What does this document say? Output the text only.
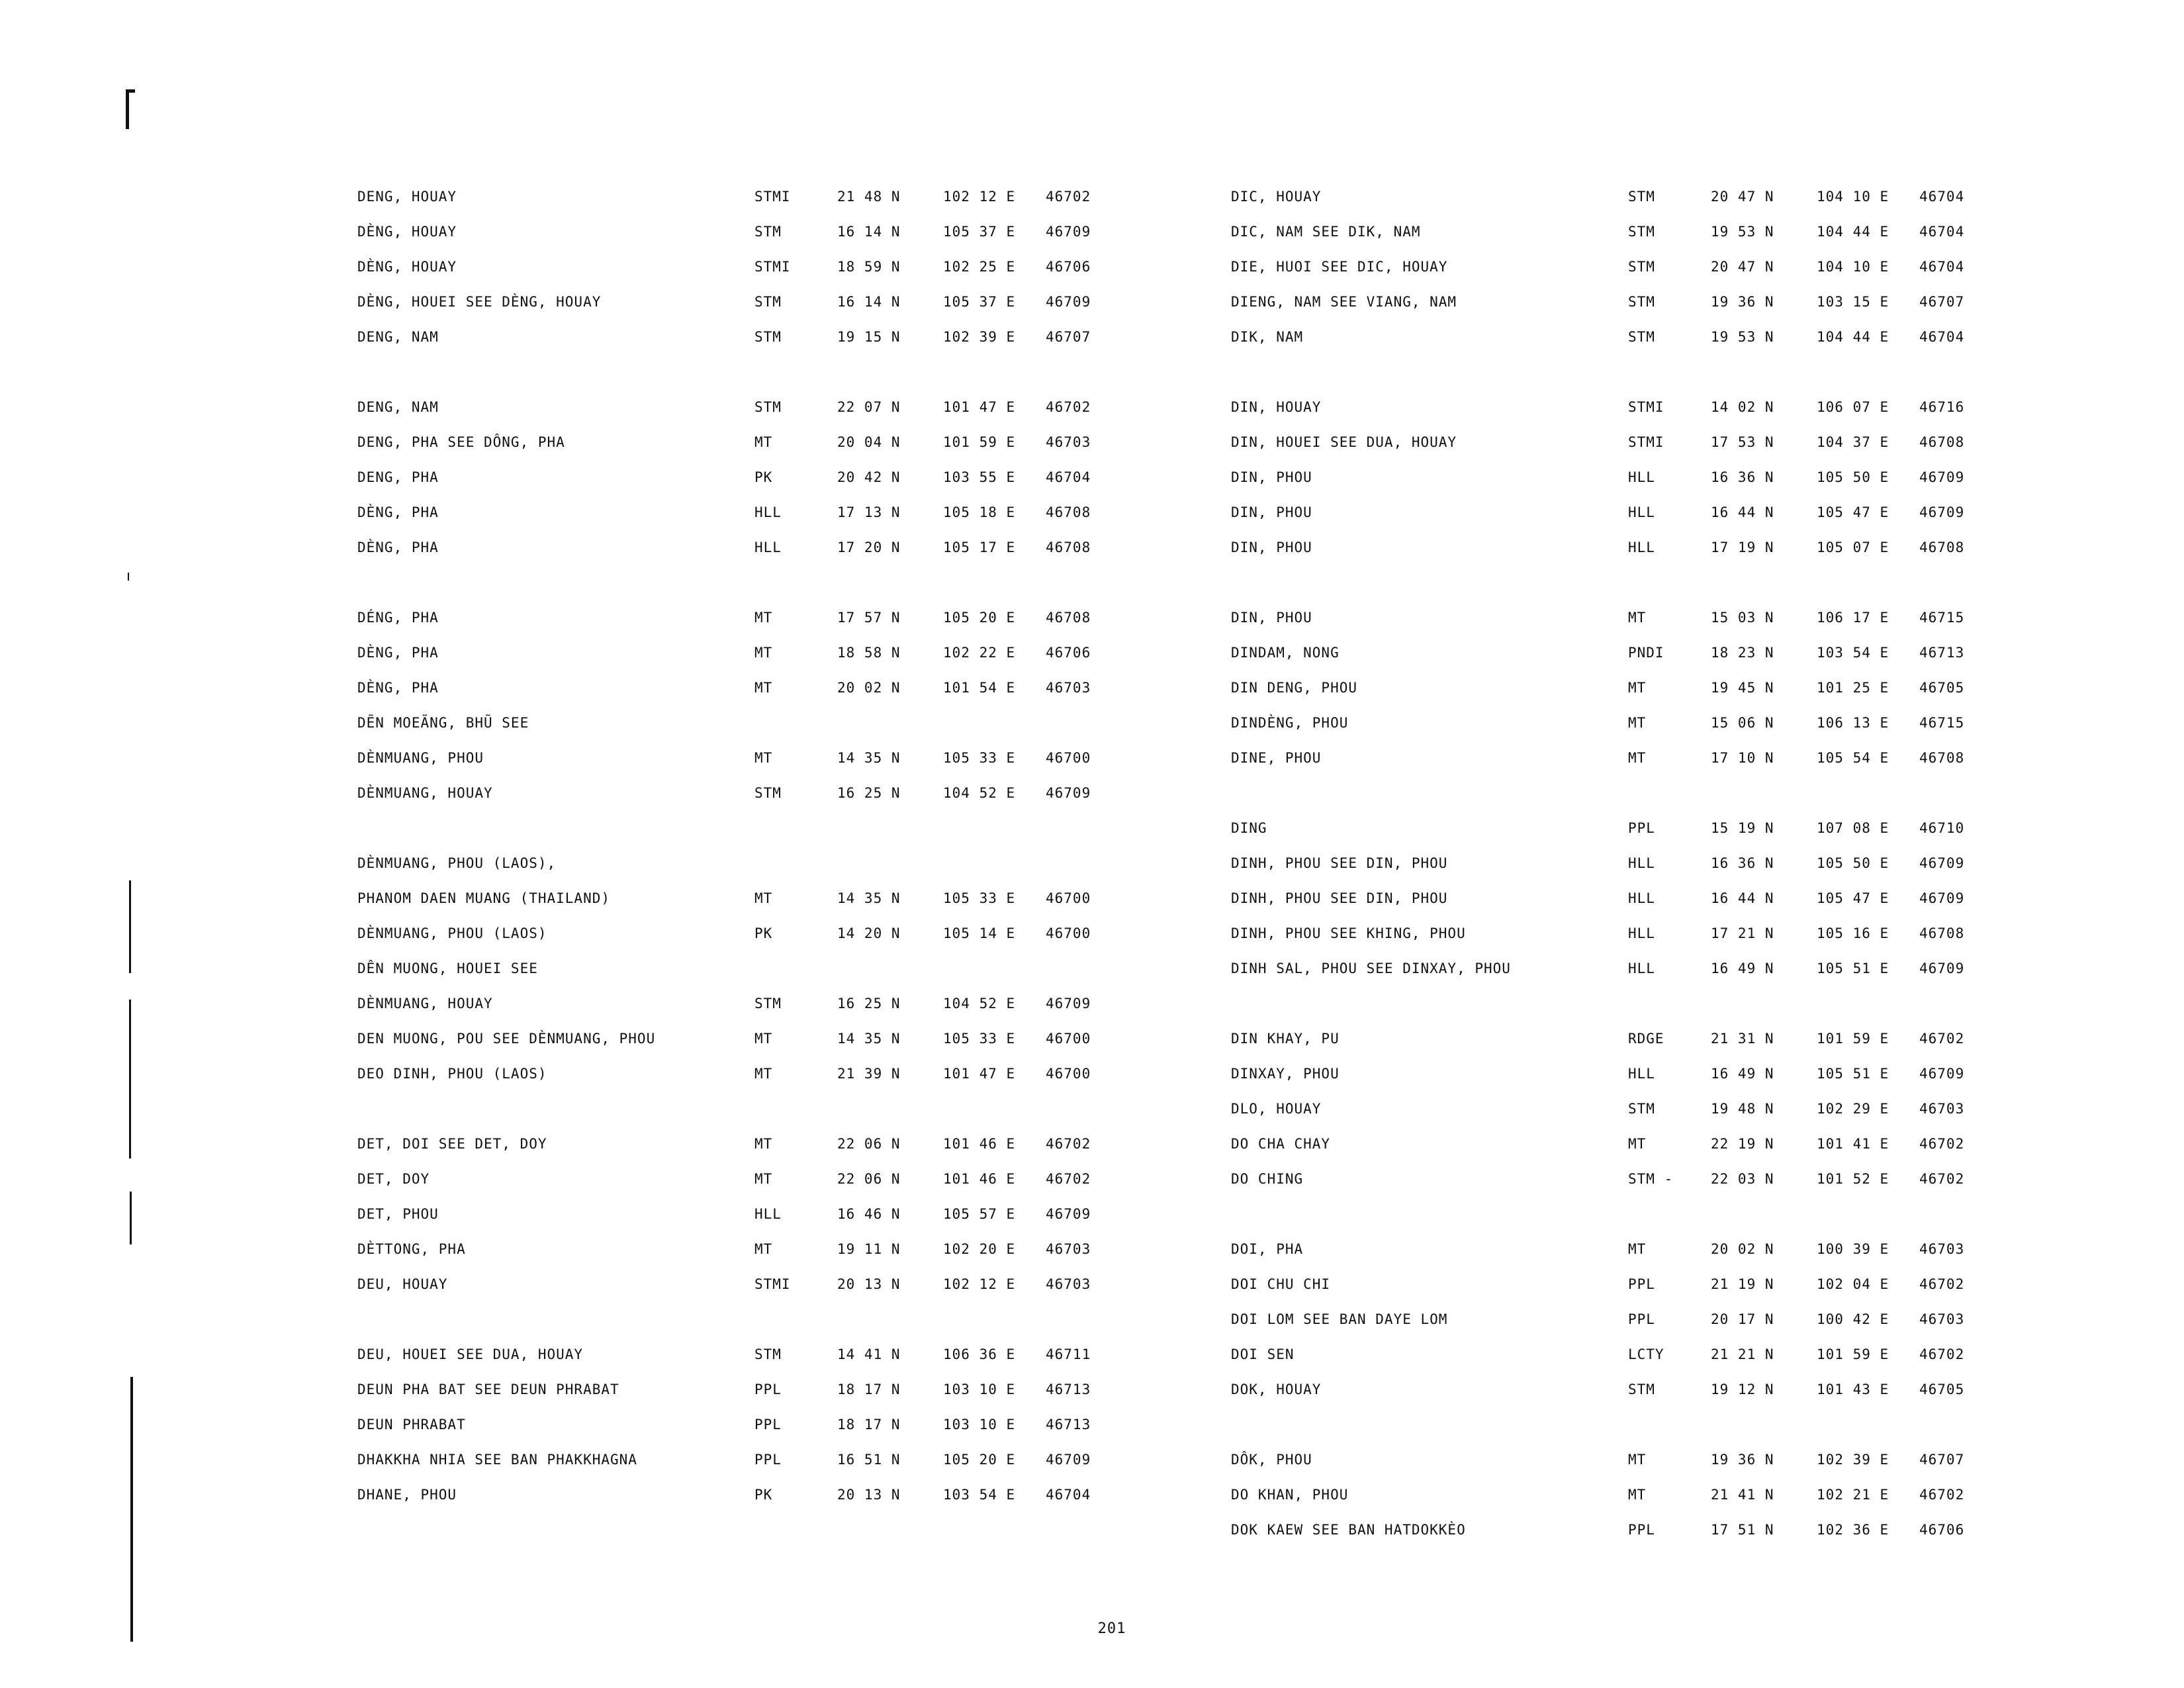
DENG, HOUAY	STMI	21 48 N	102 12 E 46702
DÈNG, HOUAY	STM	16 14 N	105 37 E 46709
DÈNG, HOUAY	STMI	18 59 N	102 25 E 46706
DÈNG, HOUEI SEE DÈNG, HOUAY	STM	16 14 N	105 37 E 46709
DENG, NAM	STM	19 15 N	102 39 E 46707
DENG, NAM	STM	22 07 N	101 47 E 46702
DENG, PHA SEE DÔNG, PHA	MT	20 04 N	101 59 E 46703
DENG, PHA	PK	20 42 N	103 55 E 46704
DÈNG, PHA	HLL	17 13 N	105 18 E 46708
DÈNG, PHA	HLL	17 20 N	105 17 E 46708
DÉNG, PHA	MT	17 57 N	105 20 E 46708
DÈNG, PHA	MT	18 58 N	102 22 E 46706
DÈNG, PHA	MT	20 02 N	101 54 E 46703
DẼN MOEÃNG, BHŨ SEE
DÈNMUANG, PHOU	MT	14 35 N	105 33 E 46700
DÈNMUANG, HOUAY	STM	16 25 N	104 52 E 46709
DÈNMUANG, PHOU (LAOS),
PHANOM DAEN MUANG (THAILAND)	MT	14 35 N	105 33 E 46700
DÈNMUANG, PHOU (LAOS)	PK	14 20 N	105 14 E 46700
DÊN MUONG, HOUEI SEE
DÈNMUANG, HOUAY	STM	16 25 N	104 52 E 46709
DEN MUONG, POU SEE DÈNMUANG, PHOU	MT	14 35 N	105 33 E 46700
DEO DINH, PHOU (LAOS)	MT	21 39 N	101 47 E 46700
DET, DOI SEE DET, DOY	MT	22 06 N	101 46 E 46702
DET, DOY	MT	22 06 N	101 46 E 46702
DET, PHOU	HLL	16 46 N	105 57 E 46709
DÈTTONG, PHA	MT	19 11 N	102 20 E 46703
DEU, HOUAY	STMI	20 13 N	102 12 E 46703
DEU, HOUEI SEE DUA, HOUAY	STM	14 41 N	106 36 E 46711
DEUN PHA BAT SEE DEUN PHRABAT	PPL	18 17 N	103 10 E 46713
DEUN PHRABAT	PPL	18 17 N	103 10 E 46713
DHAKKHA NHIA SEE BAN PHAKKHAGNA	PPL	16 51 N	105 20 E 46709
DHANE, PHOU	PK	20 13 N	103 54 E 46704
DIC, HOUAY	STM	20 47 N	104 10 E 46704
DIC, NAM SEE DIK, NAM	STM	19 53 N	104 44 E 46704
DIE, HUOI SEE DIC, HOUAY	STM	20 47 N	104 10 E 46704
DIENG, NAM SEE VIANG, NAM	STM	19 36 N	103 15 E 46707
DIK, NAM	STM	19 53 N	104 44 E 46704
DIN, HOUAY	STMI	14 02 N	106 07 E 46716
DIN, HOUEI SEE DUA, HOUAY	STMI	17 53 N	104 37 E 46708
DIN, PHOU	HLL	16 36 N	105 50 E 46709
DIN, PHOU	HLL	16 44 N	105 47 E 46709
DIN, PHOU	HLL	17 19 N	105 07 E 46708
DIN, PHOU	MT	15 03 N	106 17 E 46715
DINDAM, NONG	PNDI	18 23 N	103 54 E 46713
DIN DENG, PHOU	MT	19 45 N	101 25 E 46705
DINDÈNG, PHOU	MT	15 06 N	106 13 E 46715
DINE, PHOU	MT	17 10 N	105 54 E 46708
DING	PPL	15 19 N	107 08 E 46710
DINH, PHOU SEE DIN, PHOU	HLL	16 36 N	105 50 E 46709
DINH, PHOU SEE DIN, PHOU	HLL	16 44 N	105 47 E 46709
DINH, PHOU SEE KHING, PHOU	HLL	17 21 N	105 16 E 46708
DINH SAL, PHOU SEE DINXAY, PHOU	HLL	16 49 N	105 51 E 46709
DIN KHAY, PU	RDGE	21 31 N	101 59 E 46702
DINXAY, PHOU	HLL	16 49 N	105 51 E 46709
DLO, HOUAY	STM	19 48 N	102 29 E 46703
DO CHA CHAY	MT	22 19 N	101 41 E 46702
DO CHING	STM -	22 03 N	101 52 E 46702
DOI, PHA	MT	20 02 N	100 39 E 46703
DOI CHU CHI	PPL	21 19 N	102 04 E 46702
DOI LOM SEE BAN DAYE LOM	PPL	20 17 N	100 42 E 46703
DOI SEN	LCTY	21 21 N	101 59 E 46702
DOK, HOUAY	STM	19 12 N	101 43 E 46705
DÔK, PHOU	MT	19 36 N	102 39 E 46707
DO KHAN, PHOU	MT	21 41 N	102 21 E 46702
DOK KAEW SEE BAN HATDOKKÈO	PPL	17 51 N	102 36 E 46706
201
